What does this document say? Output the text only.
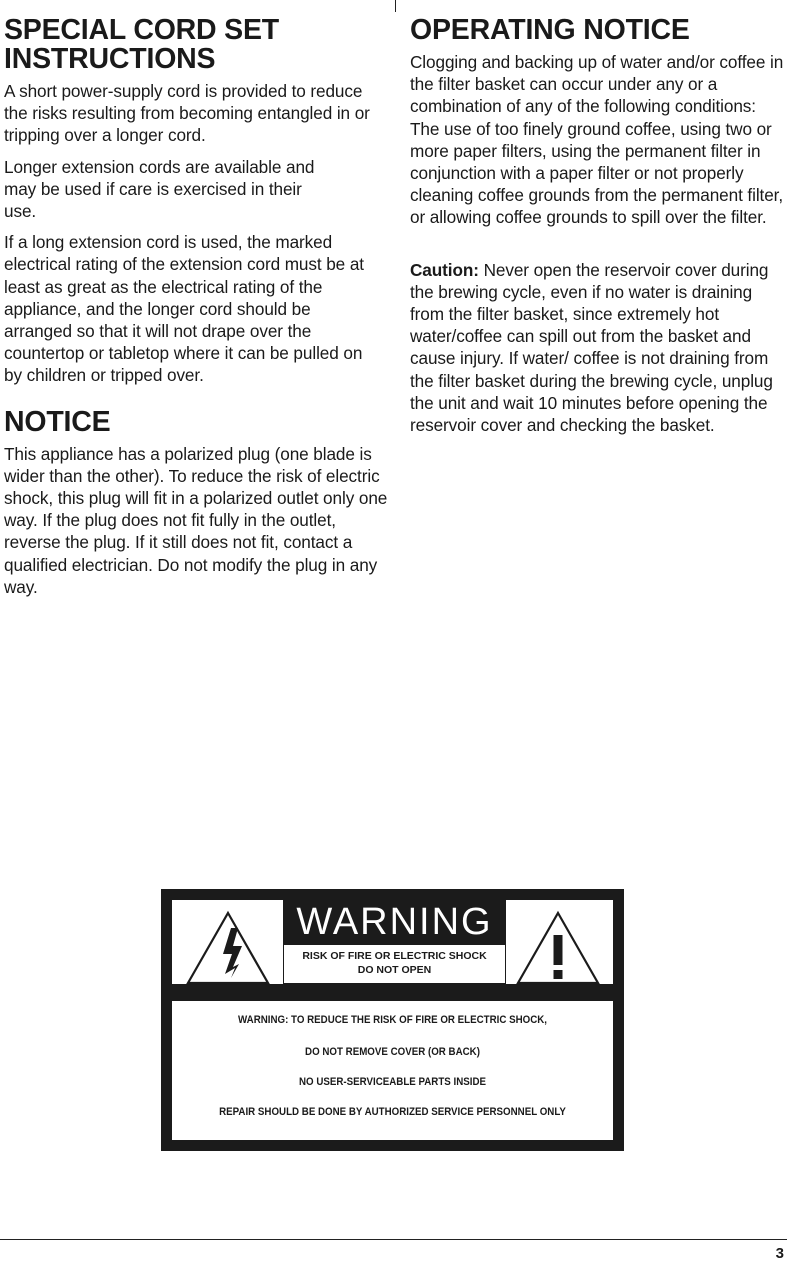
SPECIAL CORD SET INSTRUCTIONS

A short power-supply cord is provided to reduce the risks resulting from becoming entangled in or tripping over a longer cord.

Longer extension cords are available and may be used if care is exercised in their use.

If a long extension cord is used, the marked electrical rating of the extension cord must be at least as great as the electrical rating of the appliance, and the longer cord should be arranged so that it will not drape over the countertop or tabletop where it can be pulled on by children or tripped over.

NOTICE

This appliance has a polarized plug (one blade is wider than the other). To reduce the risk of electric shock, this plug will fit in a polarized outlet only one way. If the plug does not fit fully in the outlet, reverse the plug. If it still does not fit, contact a qualified electrician. Do not modify the plug in any way.

OPERATING NOTICE

Clogging and backing up of water and/or coffee in the filter basket can occur under any or a combination of any of the following conditions: The use of too finely ground coffee, using two or more paper filters, using the permanent filter in conjunction with a paper filter or not properly cleaning coffee grounds from the permanent filter, or allowing coffee grounds to spill over the filter.

Caution: Never open the reservoir cover during the brewing cycle, even if no water is draining from the filter basket, since extremely hot water/coffee can spill out from the basket and cause injury. If water/ coffee is not draining from the filter basket during the brewing cycle, unplug the unit and wait 10 minutes before opening the reservoir cover and checking the basket.

WARNING
RISK OF FIRE OR ELECTRIC SHOCK
DO NOT OPEN
WARNING: TO REDUCE THE RISK OF FIRE OR ELECTRIC SHOCK,
DO NOT REMOVE COVER (OR BACK)
NO USER-SERVICEABLE PARTS INSIDE
REPAIR SHOULD BE DONE BY AUTHORIZED SERVICE PERSONNEL ONLY
3
